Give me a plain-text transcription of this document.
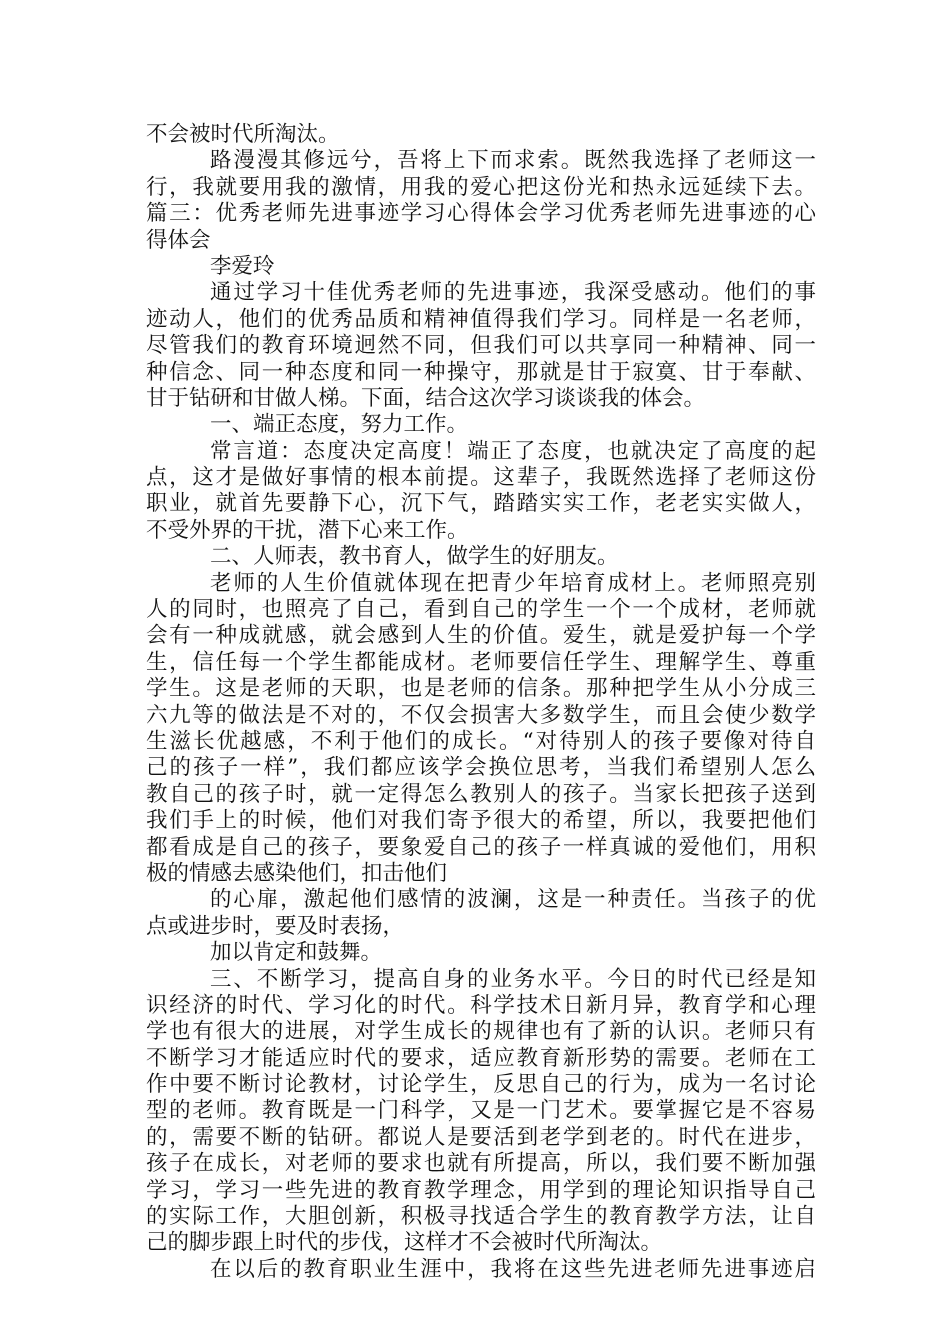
不会被时代所淘汰。
路漫漫其修远兮，吾将上下而求索。既然我选择了老师这一
行，我就要用我的激情，用我的爱心把这份光和热永远延续下去。
篇三：优秀老师先进事迹学习心得体会学习优秀老师先进事迹的心
得体会
李爱玲
通过学习十佳优秀老师的先进事迹，我深受感动。他们的事
迹动人，他们的优秀品质和精神值得我们学习。同样是一名老师，
尽管我们的教育环境迥然不同，但我们可以共享同一种精神、同一
种信念、同一种态度和同一种操守，那就是甘于寂寞、甘于奉献、
甘于钻研和甘做人梯。下面，结合这次学习谈谈我的体会。
一、端正态度，努力工作。
常言道：态度决定高度！端正了态度，也就决定了高度的起
点，这才是做好事情的根本前提。这辈子，我既然选择了老师这份
职业，就首先要静下心，沉下气，踏踏实实工作，老老实实做人，
不受外界的干扰，潜下心来工作。
二、人师表，教书育人，做学生的好朋友。
老师的人生价值就体现在把青少年培育成材上。老师照亮别
人的同时，也照亮了自己，看到自己的学生一个一个成材，老师就
会有一种成就感，就会感到人生的价值。爱生，就是爱护每一个学
生，信任每一个学生都能成材。老师要信任学生、理解学生、尊重
学生。这是老师的天职，也是老师的信条。那种把学生从小分成三
六九等的做法是不对的，不仅会损害大多数学生，而且会使少数学
生滋长优越感，不利于他们的成长。“对待别人的孩子要像对待自
己的孩子一样”，我们都应该学会换位思考，当我们希望别人怎么
教自己的孩子时，就一定得怎么教别人的孩子。当家长把孩子送到
我们手上的时候，他们对我们寄予很大的希望，所以，我要把他们
都看成是自己的孩子，要象爱自己的孩子一样真诚的爱他们，用积
极的情感去感染他们，扣击他们
的心扉，激起他们感情的波澜，这是一种责任。当孩子的优
点或进步时，要及时表扬，
加以肯定和鼓舞。
三、不断学习，提高自身的业务水平。今日的时代已经是知
识经济的时代、学习化的时代。科学技术日新月异，教育学和心理
学也有很大的进展，对学生成长的规律也有了新的认识。老师只有
不断学习才能适应时代的要求，适应教育新形势的需要。老师在工
作中要不断讨论教材，讨论学生，反思自己的行为，成为一名讨论
型的老师。教育既是一门科学，又是一门艺术。要掌握它是不容易
的，需要不断的钻研。都说人是要活到老学到老的。时代在进步，
孩子在成长，对老师的要求也就有所提高，所以，我们要不断加强
学习，学习一些先进的教育教学理念，用学到的理论知识指导自己
的实际工作，大胆创新，积极寻找适合学生的教育教学方法，让自
己的脚步跟上时代的步伐，这样才不会被时代所淘汰。
在以后的教育职业生涯中，我将在这些先进老师先进事迹启
